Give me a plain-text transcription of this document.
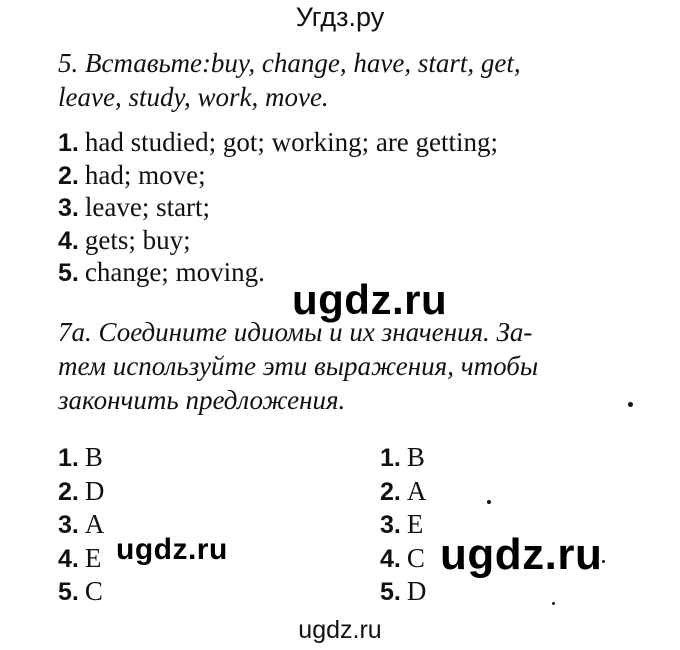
Угдз.ру
5. Вставьте:buy, change, have, start, get,
leave, study, work, move.
1. had studied; got; working; are getting;
2. had; move;
3. leave; start;
4. gets; buy;
5. change; moving.
ugdz.ru
7a. Соедините идиомы и их значения. За-
тем используйте эти выражения, чтобы
закончить предложения.
1. B
2. D
3. A
4. E
5. C
1. B
2. A
3. E
4. C
5. D
ugdz.ru	ugdz.ru
ugdz.ru
